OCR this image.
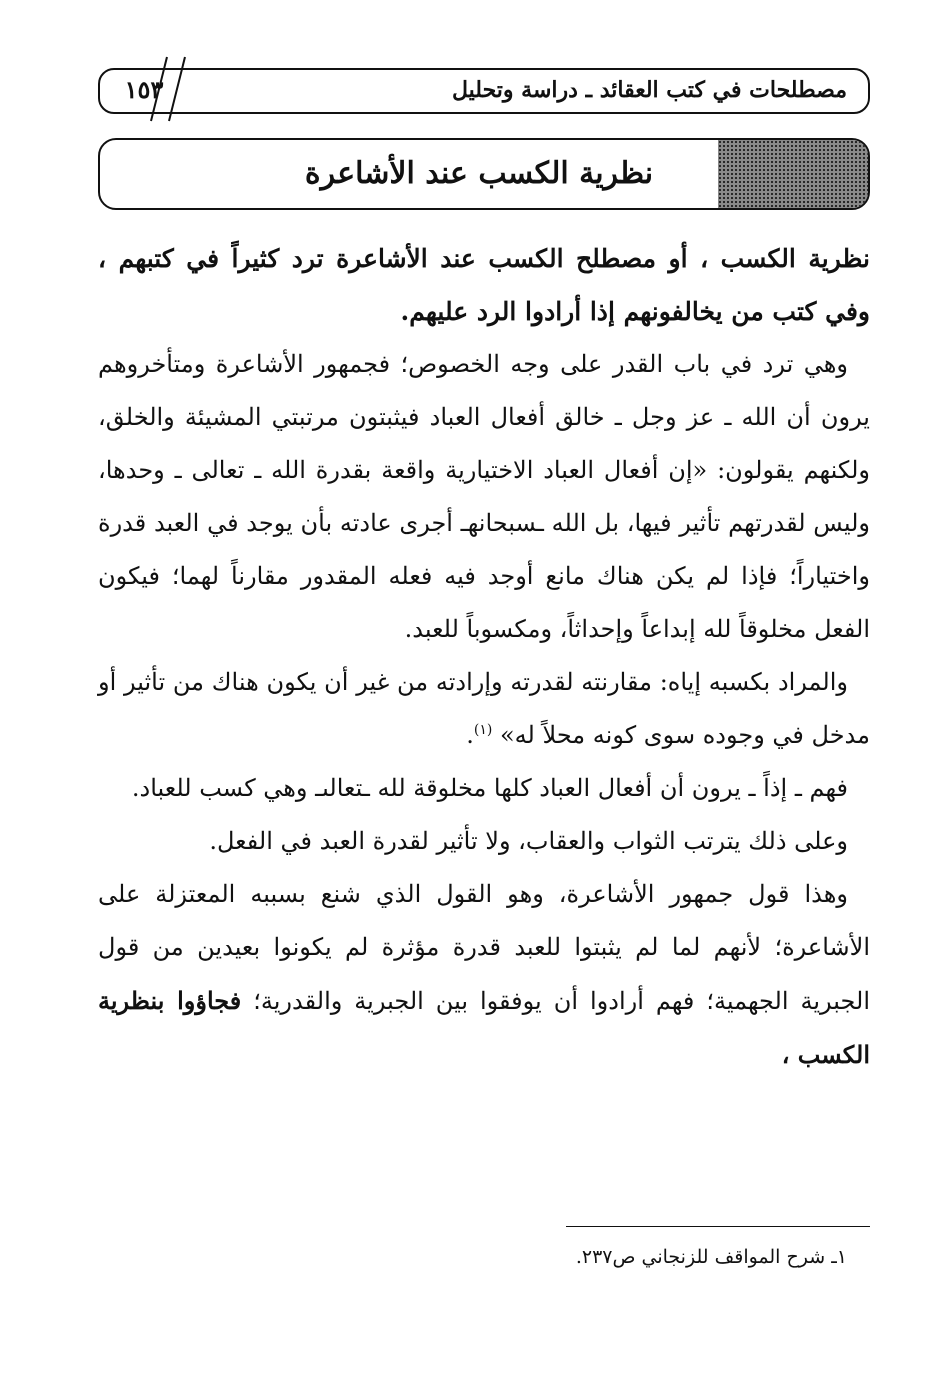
١٥٣	مصطلحات في كتب العقائد ـ دراسة وتحليل
نظرية الكسب عند الأشاعرة

نظرية الكسب ، أو مصطلح الكسب عند الأشاعرة ترد كثيراً في كتبهم ، وفي كتب من يخالفونهم إذا أرادوا الرد عليهم.

وهي ترد في باب القدر على وجه الخصوص؛ فجمهور الأشاعرة ومتأخروهم يرون أن الله ـ عز وجل ـ خالق أفعال العباد فيثبتون مرتبتي المشيئة والخلق، ولكنهم يقولون: «إن أفعال العباد الاختيارية واقعة بقدرة الله ـ تعالى ـ وحدها، وليس لقدرتهم تأثير فيها، بل الله ـسبحانهـ أجرى عادته بأن يوجد في العبد قدرة واختياراً؛ فإذا لم يكن هناك مانع أوجد فيه فعله المقدور مقارناً لهما؛ فيكون الفعل مخلوقاً لله إبداعاً وإحداثاً، ومكسوباً للعبد.

والمراد بكسبه إياه: مقارنته لقدرته وإرادته من غير أن يكون هناك من تأثير أو مدخل في وجوده سوى كونه محلاً له» $^{(١)}$.

فهم ـ إذاً ـ يرون أن أفعال العباد كلها مخلوقة لله ـتعالىـ وهي كسب للعباد.

وعلى ذلك يترتب الثواب والعقاب، ولا تأثير لقدرة العبد في الفعل.

وهذا قول جمهور الأشاعرة، وهو القول الذي شنع بسببه المعتزلة على الأشاعرة؛ لأنهم لما لم يثبتوا للعبد قدرة مؤثرة لم يكونوا بعيدين من قول الجبرية الجهمية؛ فهم أرادوا أن يوفقوا بين الجبرية والقدرية؛ فجاؤوا بنظرية الكسب ،

١ـ شرح المواقف للزنجاني ص٢٣٧.
